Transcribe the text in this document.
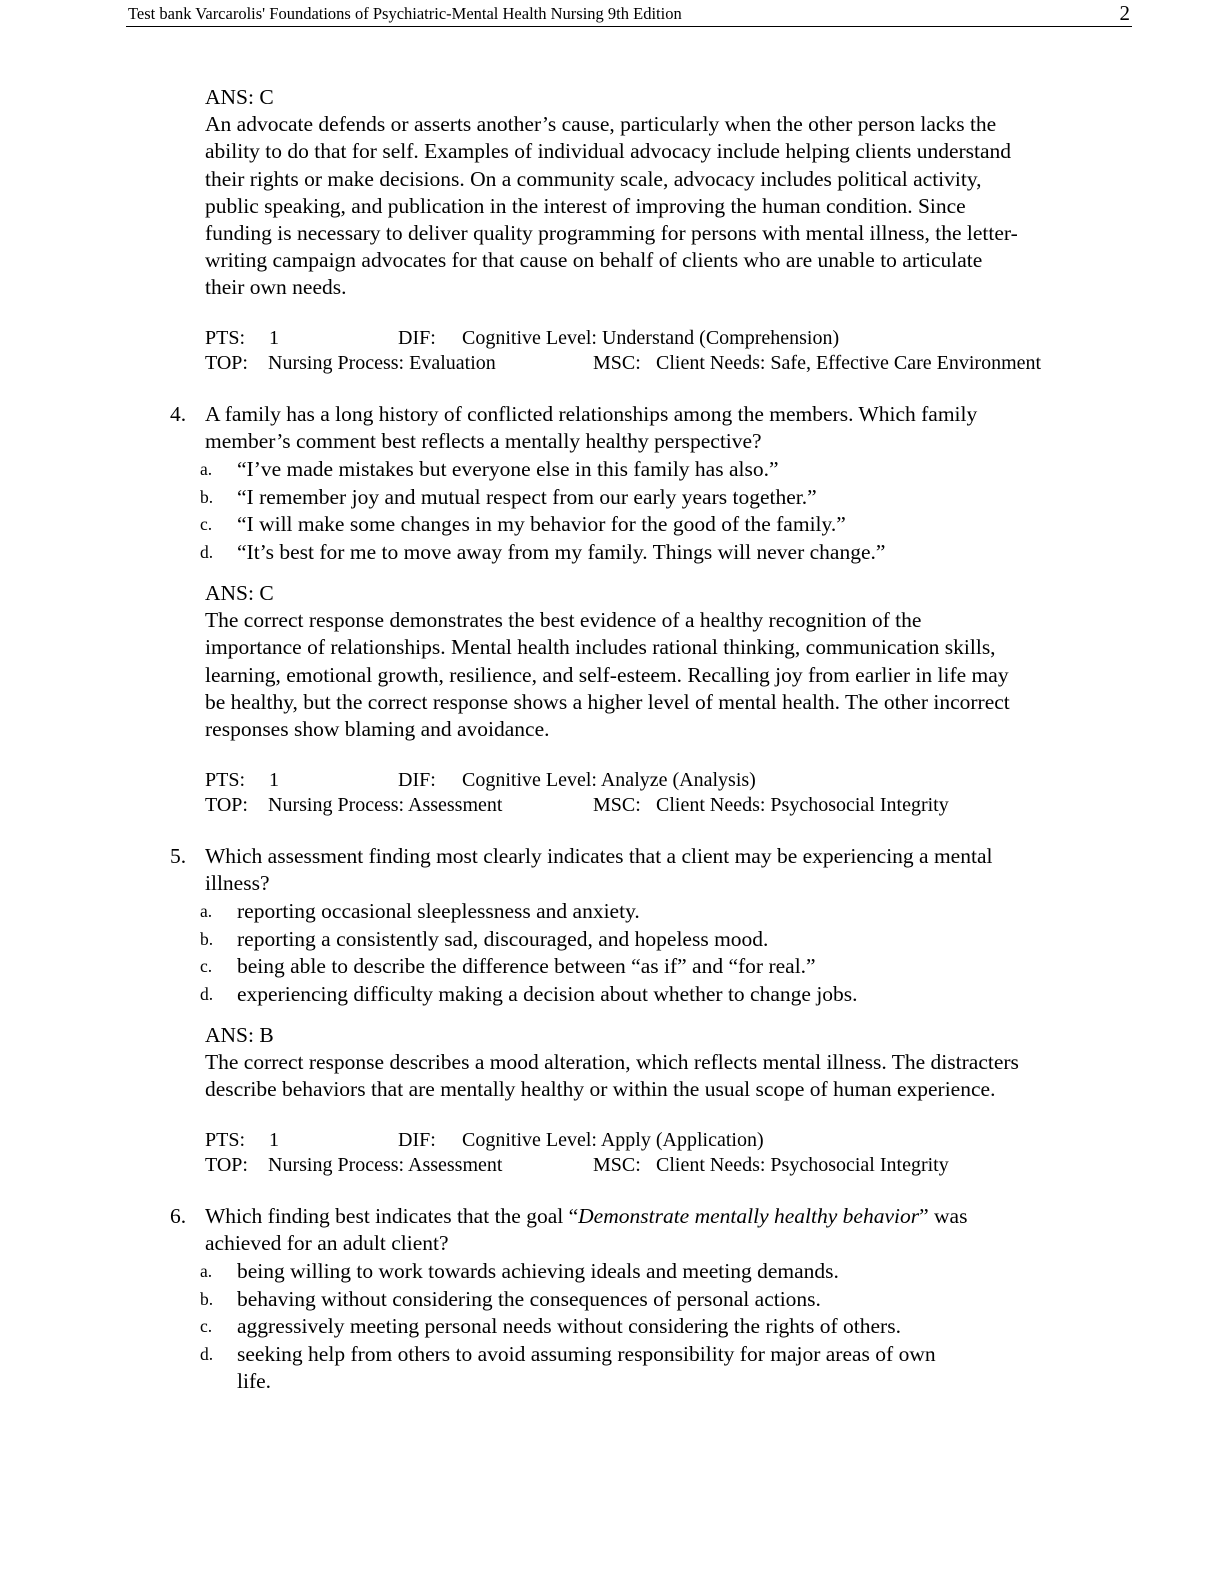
Test bank Varcarolis' Foundations of Psychiatric-Mental Health Nursing 9th Edition	2

ANS: C

An advocate defends or asserts another’s cause, particularly when the other person lacks the

ability to do that for self. Examples of individual advocacy include helping clients understand

their rights or make decisions. On a community scale, advocacy includes political activity,

public speaking, and publication in the interest of improving the human condition. Since

funding is necessary to deliver quality programming for persons with mental illness, the letter-

writing campaign advocates for that cause on behalf of clients who are unable to articulate

their own needs.

PTS: 1	DIF: Cognitive Level: Understand (Comprehension)
TOP: Nursing Process: Evaluation	MSC: Client Needs: Safe, Effective Care Environment
4. A family has a long history of conflicted relationships among the members. Which family

member’s comment best reflects a mentally healthy perspective?

a. “I’ve made mistakes but everyone else in this family has also.”
b. “I remember joy and mutual respect from our early years together.”
c. “I will make some changes in my behavior for the good of the family.”
d. “It’s best for me to move away from my family. Things will never change.”

ANS: C

The correct response demonstrates the best evidence of a healthy recognition of the

importance of relationships. Mental health includes rational thinking, communication skills,

learning, emotional growth, resilience, and self-esteem. Recalling joy from earlier in life may

be healthy, but the correct response shows a higher level of mental health. The other incorrect

responses show blaming and avoidance.

PTS: 1	DIF: Cognitive Level: Analyze (Analysis)
TOP: Nursing Process: Assessment	MSC: Client Needs: Psychosocial Integrity
5. Which assessment finding most clearly indicates that a client may be experiencing a mental

illness?

a. reporting occasional sleeplessness and anxiety.
b. reporting a consistently sad, discouraged, and hopeless mood.
c. being able to describe the difference between “as if” and “for real.”
d. experiencing difficulty making a decision about whether to change jobs.

ANS: B

The correct response describes a mood alteration, which reflects mental illness. The distracters

describe behaviors that are mentally healthy or within the usual scope of human experience.

PTS: 1	DIF: Cognitive Level: Apply (Application)
TOP: Nursing Process: Assessment	MSC: Client Needs: Psychosocial Integrity
6. Which finding best indicates that the goal “Demonstrate mentally healthy behavior” was

achieved for an adult client?

a. being willing to work towards achieving ideals and meeting demands.
b. behaving without considering the consequences of personal actions.
c. aggressively meeting personal needs without considering the rights of others.
d. seeking help from others to avoid assuming responsibility for major areas of own

life.
